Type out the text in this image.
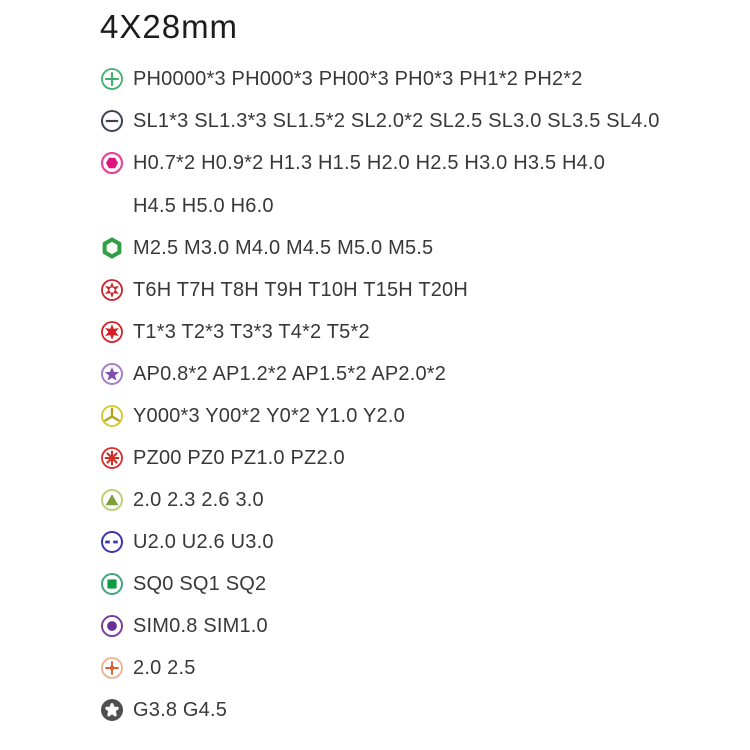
4X28mm
PH0000*3 PH000*3 PH00*3 PH0*3 PH1*2 PH2*2
SL1*3 SL1.3*3 SL1.5*2 SL2.0*2 SL2.5 SL3.0 SL3.5 SL4.0
H0.7*2 H0.9*2 H1.3 H1.5 H2.0 H2.5 H3.0 H3.5 H4.0
H4.5 H5.0 H6.0
M2.5 M3.0 M4.0 M4.5 M5.0 M5.5
T6H T7H T8H T9H T10H T15H T20H
T1*3 T2*3 T3*3 T4*2 T5*2
AP0.8*2 AP1.2*2 AP1.5*2 AP2.0*2
Y000*3 Y00*2 Y0*2 Y1.0 Y2.0
PZ00 PZ0 PZ1.0 PZ2.0
2.0 2.3 2.6 3.0
U2.0 U2.6 U3.0
SQ0 SQ1 SQ2
SIM0.8 SIM1.0
2.0 2.5
G3.8 G4.5
